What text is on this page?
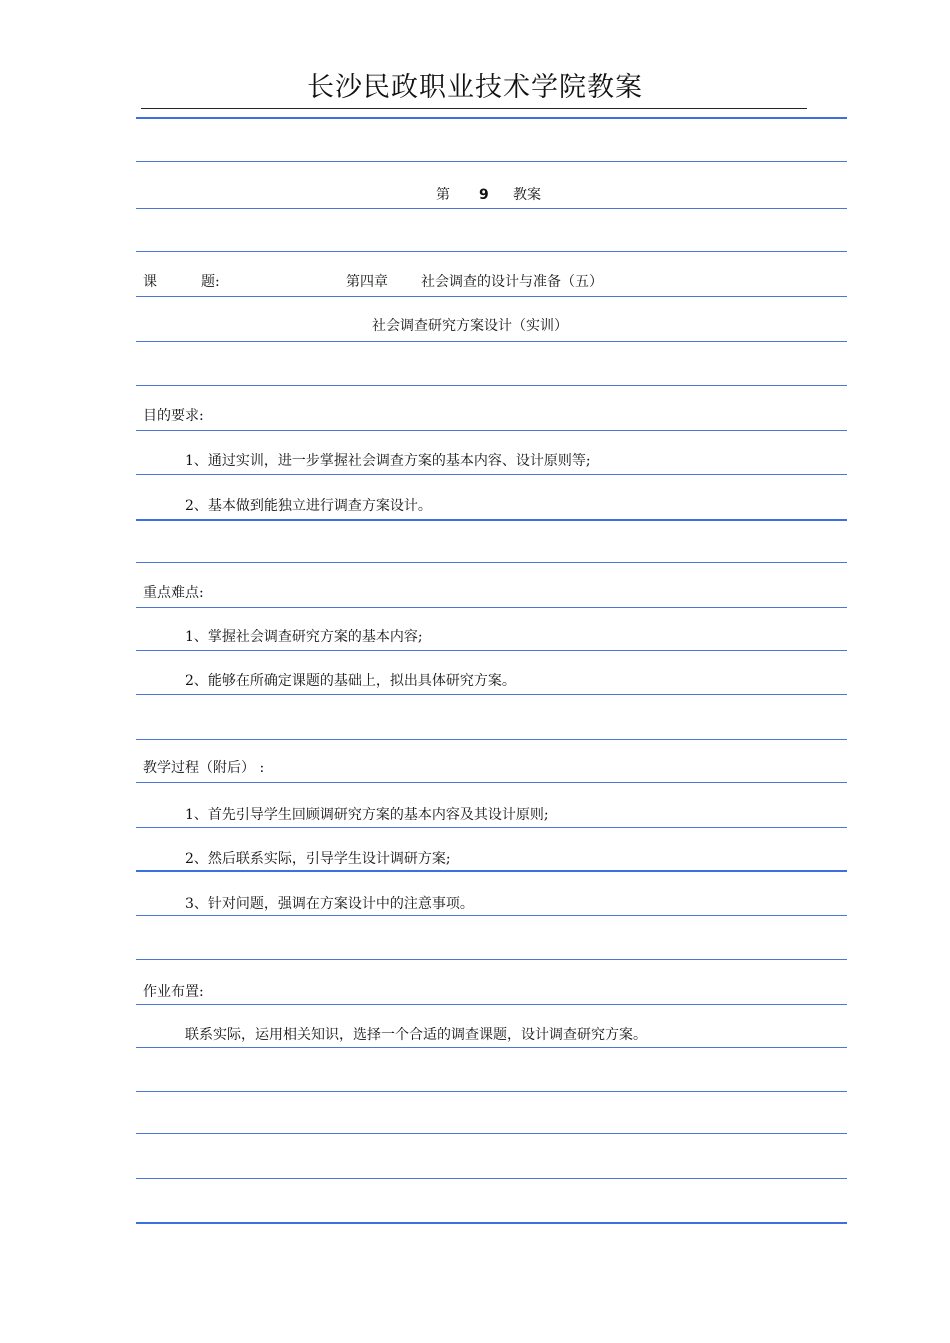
长沙民政职业技术学院教案
第 9 教案
课	题:	第四章 社会调查的设计与准备（五）
社会调查研究方案设计（实训）
目的要求:
1、通过实训，进一步掌握社会调查方案的基本内容、设计原则等;
2、基本做到能独立进行调查方案设计。
重点难点:
1、掌握社会调查研究方案的基本内容;
2、能够在所确定课题的基础上，拟出具体研究方案。
教学过程（附后） :
1、首先引导学生回顾调研究方案的基本内容及其设计原则;
2、然后联系实际，引导学生设计调研方案;
3、针对问题，强调在方案设计中的注意事项。
作业布置:
联系实际，运用相关知识，选择一个合适的调查课题，设计调查研究方案。
